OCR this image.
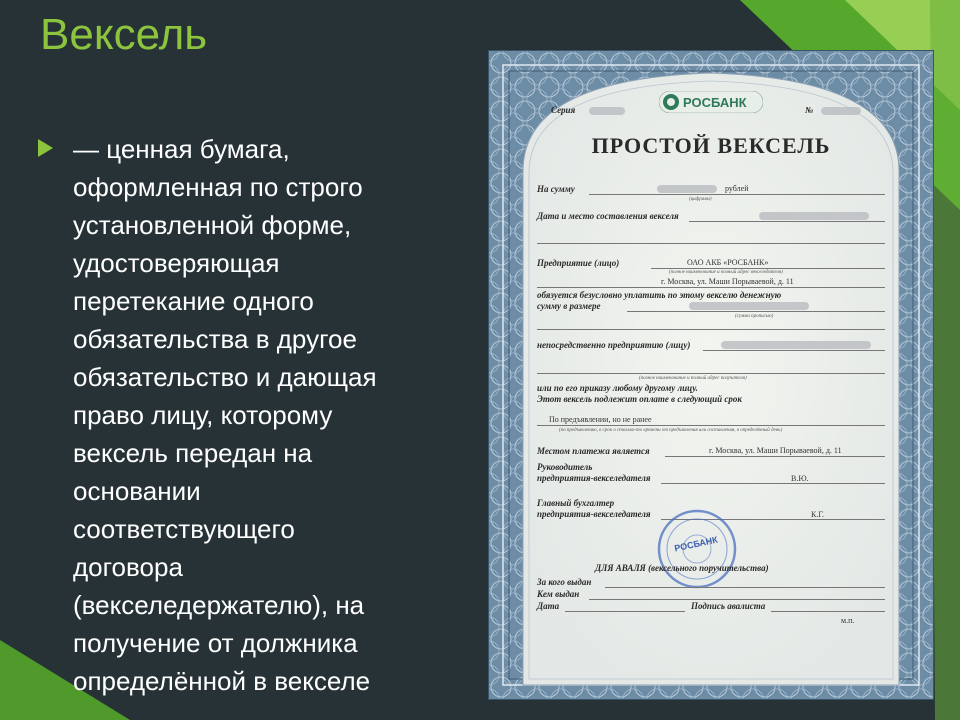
Вексель

— ценная бумага,
оформленная по строго
установленной форме,
удостоверяющая
перетекание одного
обязательства в другое
обязательство и дающая
право лицу, которому
вексель передан на
основании
соответствующего
договора
(векселедержателю), на
получение от должника
определённой в векселе

Серия	№
РОСБАНК
ПРОСТОЙ ВЕКСЕЛЬ
На сумму	рублей
(цифрами)
Дата и место составления векселя
Предприятие (лицо)	ОАО АКБ «РОСБАНК»
(полное наименование и полный адрес векселедателя)
г. Москва, ул. Маши Порываевой, д. 11
обязуется безусловно уплатить по этому векселю денежную
сумму в размере
(сумма прописью)
непосредственно предприятию (лицу)
(полное наименование и полный адрес получателя)
или по его приказу любому другому лицу.
Этот вексель подлежит оплате в следующий срок
По предъявлении, но не ранее
(по предъявлению, в срок о столько-то времени от предъявления или составления, в определённый день)
Местом платежа является	г. Москва, ул. Маши Порываевой, д. 11
Руководитель
предприятия-векселедателя	В.Ю.
Главный бухгалтер
предприятия-векселедателя	К.Г.
РОСБАНК
ДЛЯ АВАЛЯ (вексельного поручительства)
За кого выдан
Кем выдан
Дата	Подпись авалиста
м.п.
